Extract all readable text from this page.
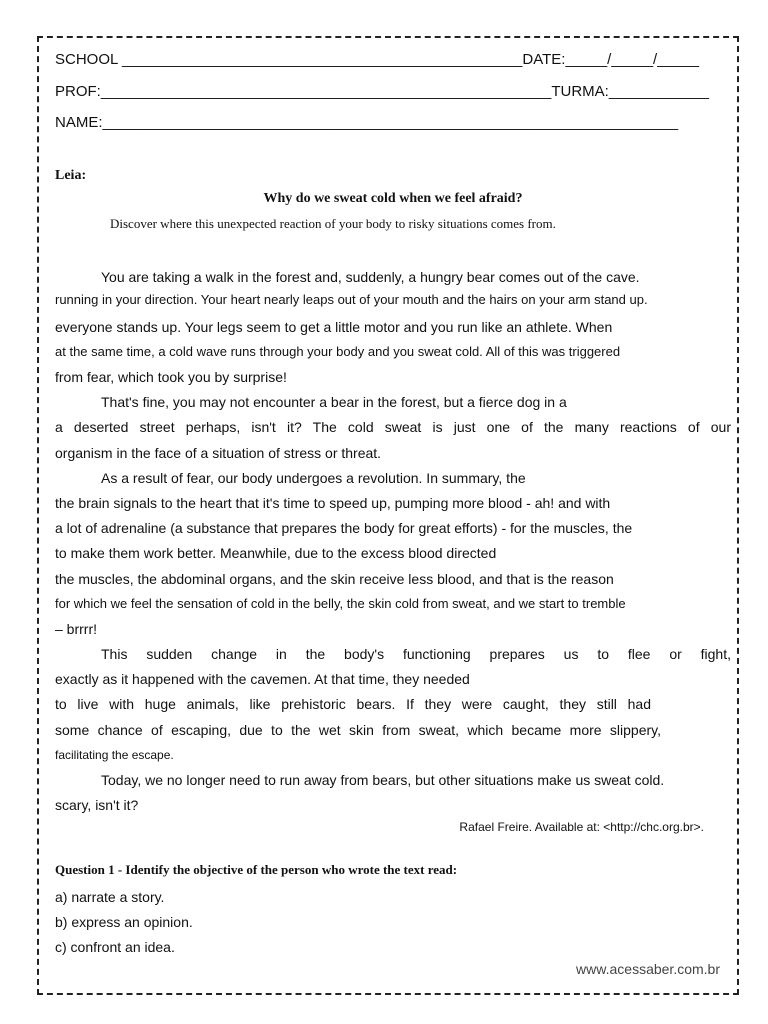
SCHOOL ________________________________________________DATE:_____/_____/_____
PROF:______________________________________________________TURMA:____________
NAME:_____________________________________________________________________
Leia:
Why do we sweat cold when we feel afraid?
Discover where this unexpected reaction of your body to risky situations comes from.
You are taking a walk in the forest and, suddenly, a hungry bear comes out of the cave.
running in your direction. Your heart nearly leaps out of your mouth and the hairs on your arm stand up.
everyone stands up. Your legs seem to get a little motor and you run like an athlete. When
at the same time, a cold wave runs through your body and you sweat cold. All of this was triggered
from fear, which took you by surprise!
That's fine, you may not encounter a bear in the forest, but a fierce dog in a
a deserted street perhaps, isn't it? The cold sweat is just one of the many reactions of our
organism in the face of a situation of stress or threat.
As a result of fear, our body undergoes a revolution. In summary, the
the brain signals to the heart that it's time to speed up, pumping more blood - ah! and with
a lot of adrenaline (a substance that prepares the body for great efforts) - for the muscles, the
to make them work better. Meanwhile, due to the excess blood directed
the muscles, the abdominal organs, and the skin receive less blood, and that is the reason
for which we feel the sensation of cold in the belly, the skin cold from sweat, and we start to tremble
– brrrr!
This sudden change in the body's functioning prepares us to flee or fight,
exactly as it happened with the cavemen. At that time, they needed
to live with huge animals, like prehistoric bears. If they were caught, they still had
some chance of escaping, due to the wet skin from sweat, which became more slippery,
facilitating the escape.
Today, we no longer need to run away from bears, but other situations make us sweat cold.
scary, isn't it?
Rafael Freire. Available at: <http://chc.org.br>.
Question 1 - Identify the objective of the person who wrote the text read:
a) narrate a story.
b) express an opinion.
c) confront an idea.
www.acessaber.com.br
